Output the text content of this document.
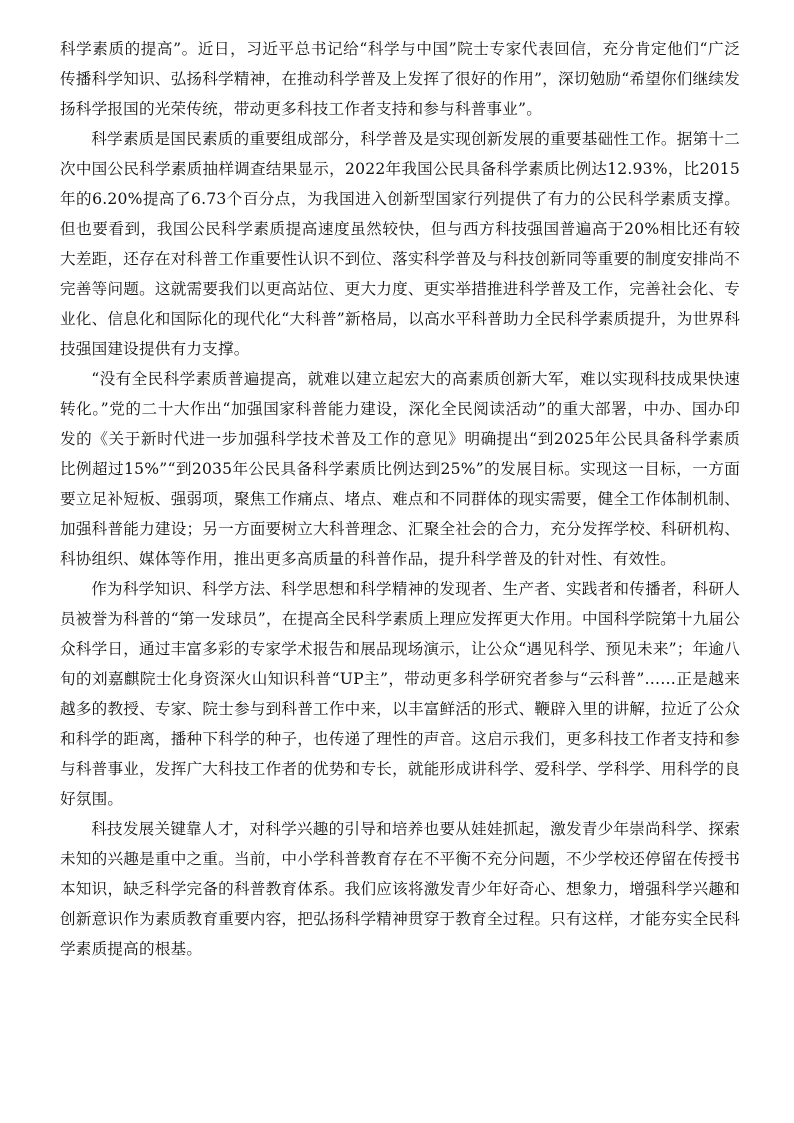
科学素质的提高”。近日，习近平总书记给“科学与中国”院士专家代表回信，充分肯定他们“广泛传播科学知识、弘扬科学精神，在推动科学普及上发挥了很好的作用”，深切勉励“希望你们继续发扬科学报国的光荣传统，带动更多科技工作者支持和参与科普事业”。

科学素质是国民素质的重要组成部分，科学普及是实现创新发展的重要基础性工作。据第十二次中国公民科学素质抽样调查结果显示，2022年我国公民具备科学素质比例达12.93%，比2015年的6.20%提高了6.73个百分点，为我国进入创新型国家行列提供了有力的公民科学素质支撑。但也要看到，我国公民科学素质提高速度虽然较快，但与西方科技强国普遍高于20%相比还有较大差距，还存在对科普工作重要性认识不到位、落实科学普及与科技创新同等重要的制度安排尚不完善等问题。这就需要我们以更高站位、更大力度、更实举措推进科学普及工作，完善社会化、专业化、信息化和国际化的现代化“大科普”新格局，以高水平科普助力全民科学素质提升，为世界科技强国建设提供有力支撑。

“没有全民科学素质普遍提高，就难以建立起宏大的高素质创新大军，难以实现科技成果快速转化。”党的二十大作出“加强国家科普能力建设，深化全民阅读活动”的重大部署，中办、国办印发的《关于新时代进一步加强科学技术普及工作的意见》明确提出“到2025年公民具备科学素质比例超过15%”“到2035年公民具备科学素质比例达到25%”的发展目标。实现这一目标，一方面要立足补短板、强弱项，聚焦工作痛点、堵点、难点和不同群体的现实需要，健全工作体制机制、加强科普能力建设；另一方面要树立大科普理念、汇聚全社会的合力，充分发挥学校、科研机构、科协组织、媒体等作用，推出更多高质量的科普作品，提升科学普及的针对性、有效性。

作为科学知识、科学方法、科学思想和科学精神的发现者、生产者、实践者和传播者，科研人员被誉为科普的“第一发球员”，在提高全民科学素质上理应发挥更大作用。中国科学院第十九届公众科学日，通过丰富多彩的专家学术报告和展品现场演示，让公众“遇见科学、预见未来”；年逾八旬的刘嘉麒院士化身资深火山知识科普“UP主”，带动更多科学研究者参与“云科普”……正是越来越多的教授、专家、院士参与到科普工作中来，以丰富鲜活的形式、鞭辟入里的讲解，拉近了公众和科学的距离，播种下科学的种子，也传递了理性的声音。这启示我们，更多科技工作者支持和参与科普事业，发挥广大科技工作者的优势和专长，就能形成讲科学、爱科学、学科学、用科学的良好氛围。

科技发展关键靠人才，对科学兴趣的引导和培养也要从娃娃抓起，激发青少年崇尚科学、探索未知的兴趣是重中之重。当前，中小学科普教育存在不平衡不充分问题，不少学校还停留在传授书本知识，缺乏科学完备的科普教育体系。我们应该将激发青少年好奇心、想象力，增强科学兴趣和创新意识作为素质教育重要内容，把弘扬科学精神贯穿于教育全过程。只有这样，才能夯实全民科学素质提高的根基。
